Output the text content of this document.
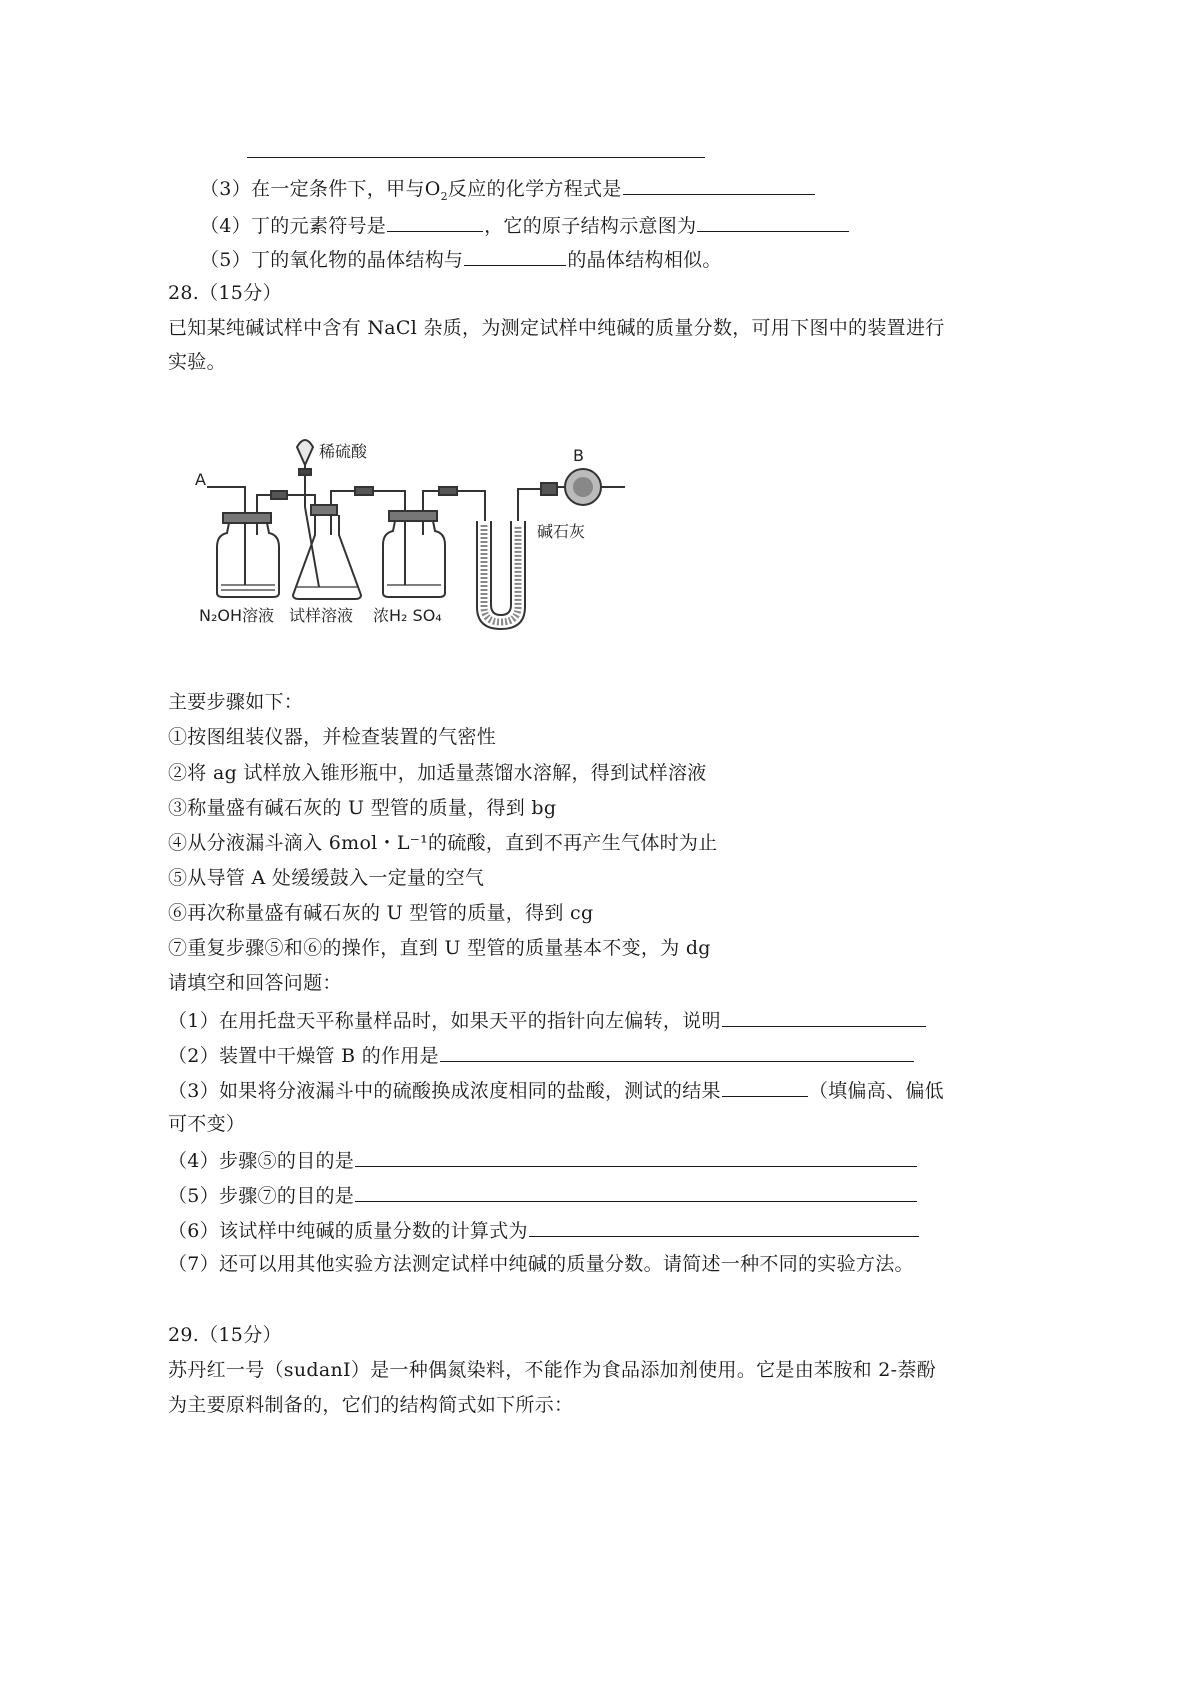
（3）在一定条件下，甲与$O_2$反应的化学方程式是
（4）丁的元素符号是	，它的原子结构示意图为
（5）丁的氧化物的晶体结构与	的晶体结构相似。
28.（15分）
已知某纯碱试样中含有 NaCl 杂质，为测定试样中纯碱的质量分数，可用下图中的装置进行
实验。
A
稀硫酸	B
碱石灰
N₂OH溶液 试样溶液 浓H₂ SO₄
主要步骤如下：
①按图组装仪器，并检查装置的气密性
②将 ag 试样放入锥形瓶中，加适量蒸馏水溶解，得到试样溶液
③称量盛有碱石灰的 U 型管的质量，得到 bg
④从分液漏斗滴入 6mol・L⁻¹的硫酸，直到不再产生气体时为止
⑤从导管 A 处缓缓鼓入一定量的空气
⑥再次称量盛有碱石灰的 U 型管的质量，得到 cg
⑦重复步骤⑤和⑥的操作，直到 U 型管的质量基本不变，为 dg
请填空和回答问题：
（1）在用托盘天平称量样品时，如果天平的指针向左偏转，说明
（2）装置中干燥管 B 的作用是
（3）如果将分液漏斗中的硫酸换成浓度相同的盐酸，测试的结果	（填偏高、偏低
可不变）
（4）步骤⑤的目的是
（5）步骤⑦的目的是
（6）该试样中纯碱的质量分数的计算式为
（7）还可以用其他实验方法测定试样中纯碱的质量分数。请简述一种不同的实验方法。
29.（15分）
苏丹红一号（sudanⅠ）是一种偶氮染料，不能作为食品添加剂使用。它是由苯胺和 2-萘酚
为主要原料制备的，它们的结构简式如下所示：
